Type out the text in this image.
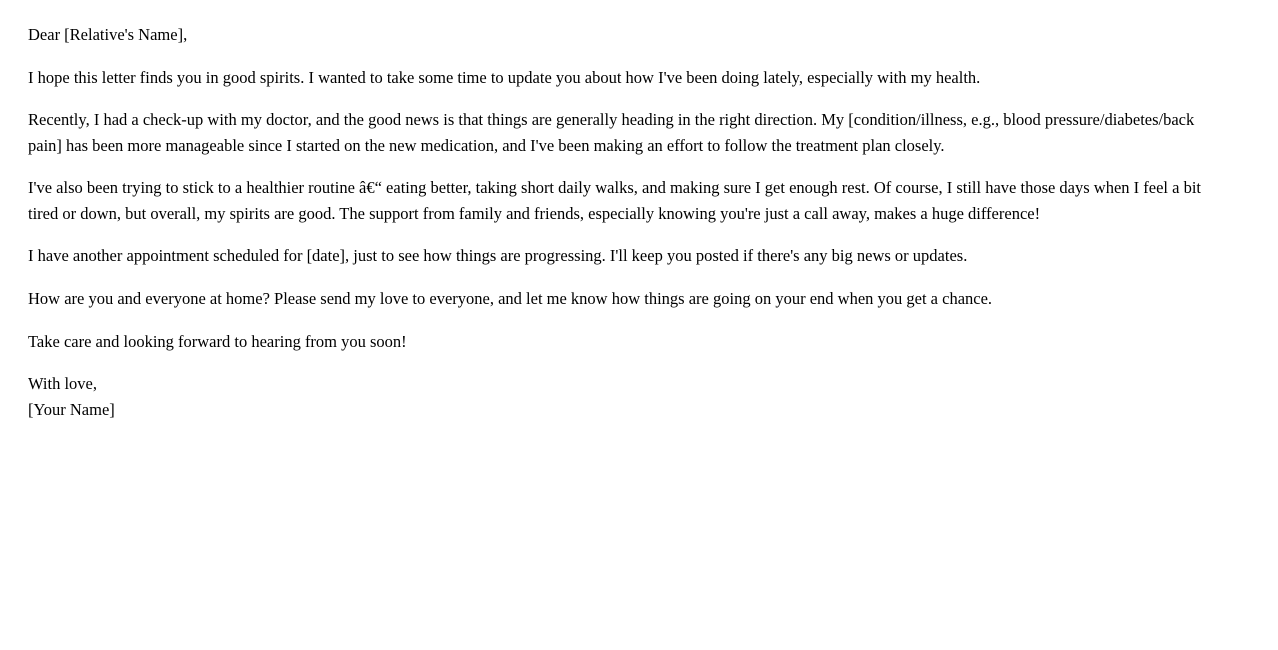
Dear [Relative's Name],

I hope this letter finds you in good spirits. I wanted to take some time to update you about how I've been doing lately, especially with my health.

Recently, I had a check-up with my doctor, and the good news is that things are generally heading in the right direction. My [condition/illness, e.g., blood pressure/diabetes/back pain] has been more manageable since I started on the new medication, and I've been making an effort to follow the treatment plan closely.

I've also been trying to stick to a healthier routine â€“ eating better, taking short daily walks, and making sure I get enough rest. Of course, I still have those days when I feel a bit tired or down, but overall, my spirits are good. The support from family and friends, especially knowing you're just a call away, makes a huge difference!

I have another appointment scheduled for [date], just to see how things are progressing. I'll keep you posted if there's any big news or updates.

How are you and everyone at home? Please send my love to everyone, and let me know how things are going on your end when you get a chance.

Take care and looking forward to hearing from you soon!

With love,
[Your Name]
